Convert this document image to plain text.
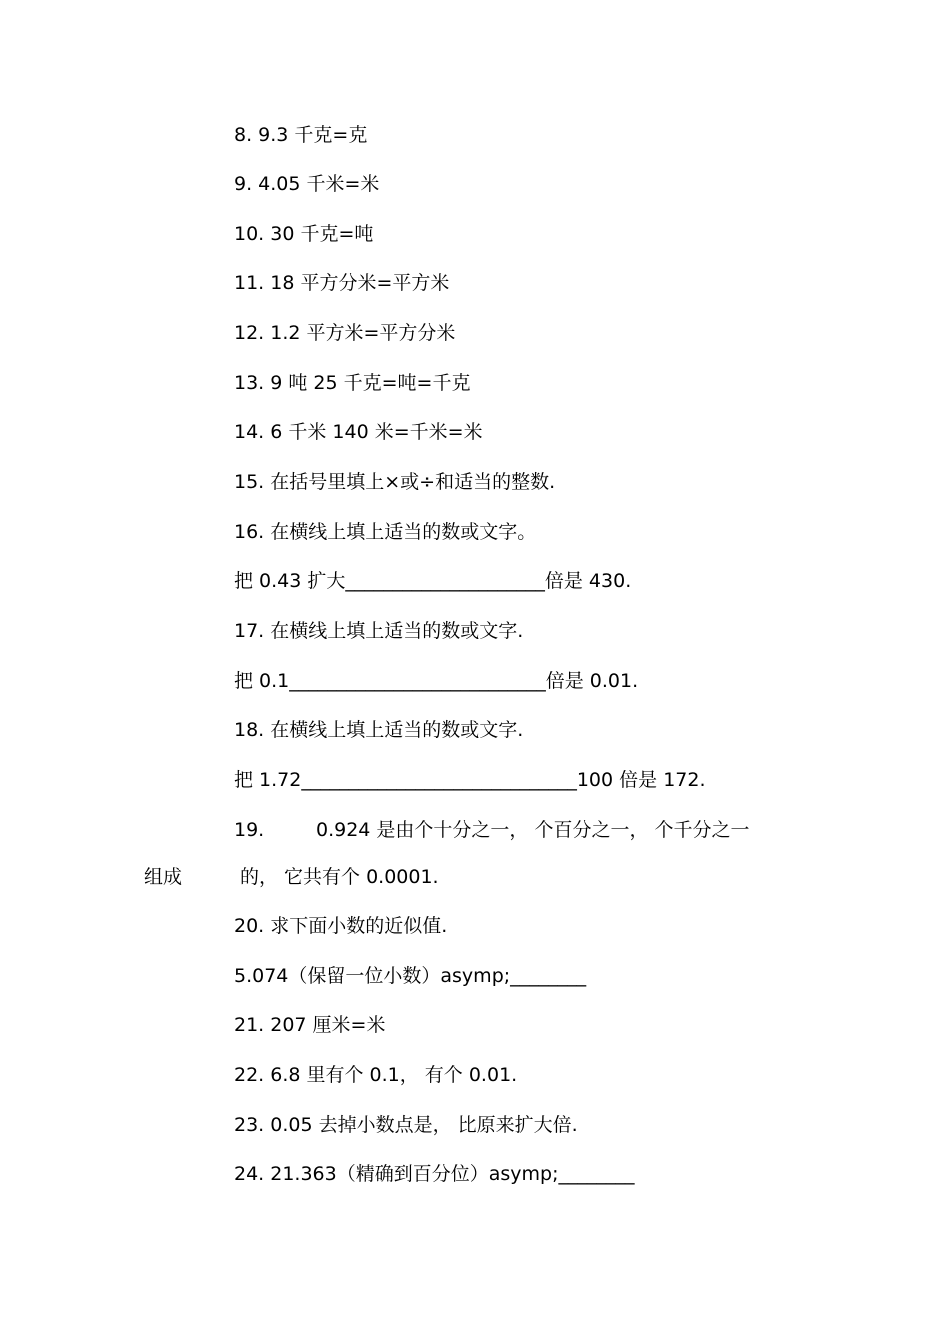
8. 9.3 千克=克
9. 4.05 千米=米
10. 30 千克=吨
11. 18 平方分米=平方米
12. 1.2 平方米=平方分米
13. 9 吨 25 千克=吨=千克
14. 6 千米 140 米=千米=米
15. 在括号里填上×或÷和适当的整数.
16. 在横线上填上适当的数或文字。
把 0.43 扩大_____________________倍是 430.
17. 在横线上填上适当的数或文字.
把 0.1___________________________倍是 0.01.
18. 在横线上填上适当的数或文字.
把 1.72_____________________________100 倍是 172.
19.	0.924 是由个十分之一， 个百分之一， 个千分之一
组成	的， 它共有个 0.0001.
20. 求下面小数的近似值.
5.074（保留一位小数）asymp;________
21. 207 厘米=米
22. 6.8 里有个 0.1， 有个 0.01.
23. 0.05 去掉小数点是， 比原来扩大倍.
24. 21.363（精确到百分位）asymp;________
